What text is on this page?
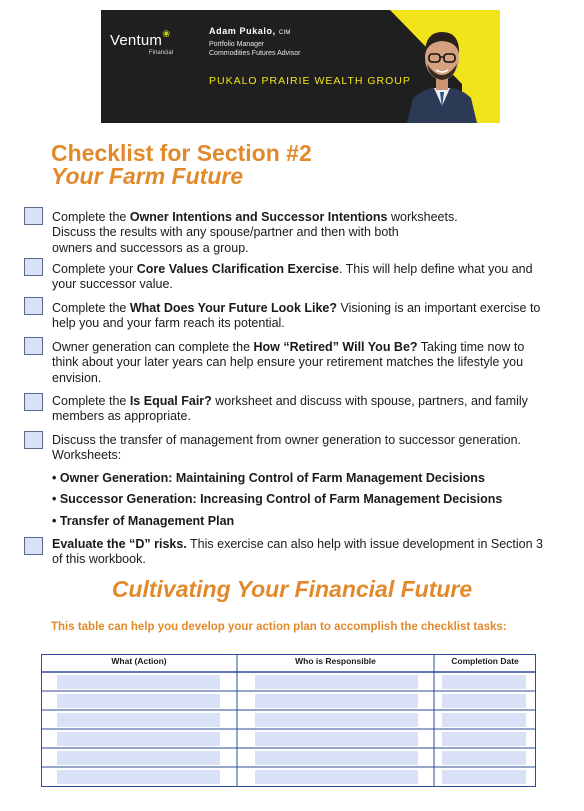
Ventum❀
Financial
Adam Pukalo, CIM
Portfolio Manager
Commodities Futures Advisor
PUKALO PRAIRIE WEALTH GROUP
Checklist for Section #2
Your Farm Future
Complete the Owner Intentions and Successor Intentions worksheets.
Discuss the results with any spouse/partner and then with both
owners and successors as a group.
Complete your Core Values Clarification Exercise. This will help define what you and your successor value.
Complete the What Does Your Future Look Like? Visioning is an important exercise to help you and your farm reach its potential.
Owner generation can complete the How “Retired” Will You Be? Taking time now to think about your later years can help ensure your retirement matches the lifestyle you envision.
Complete the Is Equal Fair? worksheet and discuss with spouse, partners, and family members as appropriate.
Discuss the transfer of management from owner generation to successor generation. Worksheets:
• Owner Generation: Maintaining Control of Farm Management Decisions
• Successor Generation: Increasing Control of Farm Management Decisions
• Transfer of Management Plan
Evaluate the “D” risks. This exercise can also help with issue development in Section 3 of this workbook.
Cultivating Your Financial Future
This table can help you develop your action plan to accomplish the checklist tasks:
What (Action)	Who is Responsible	Completion Date
